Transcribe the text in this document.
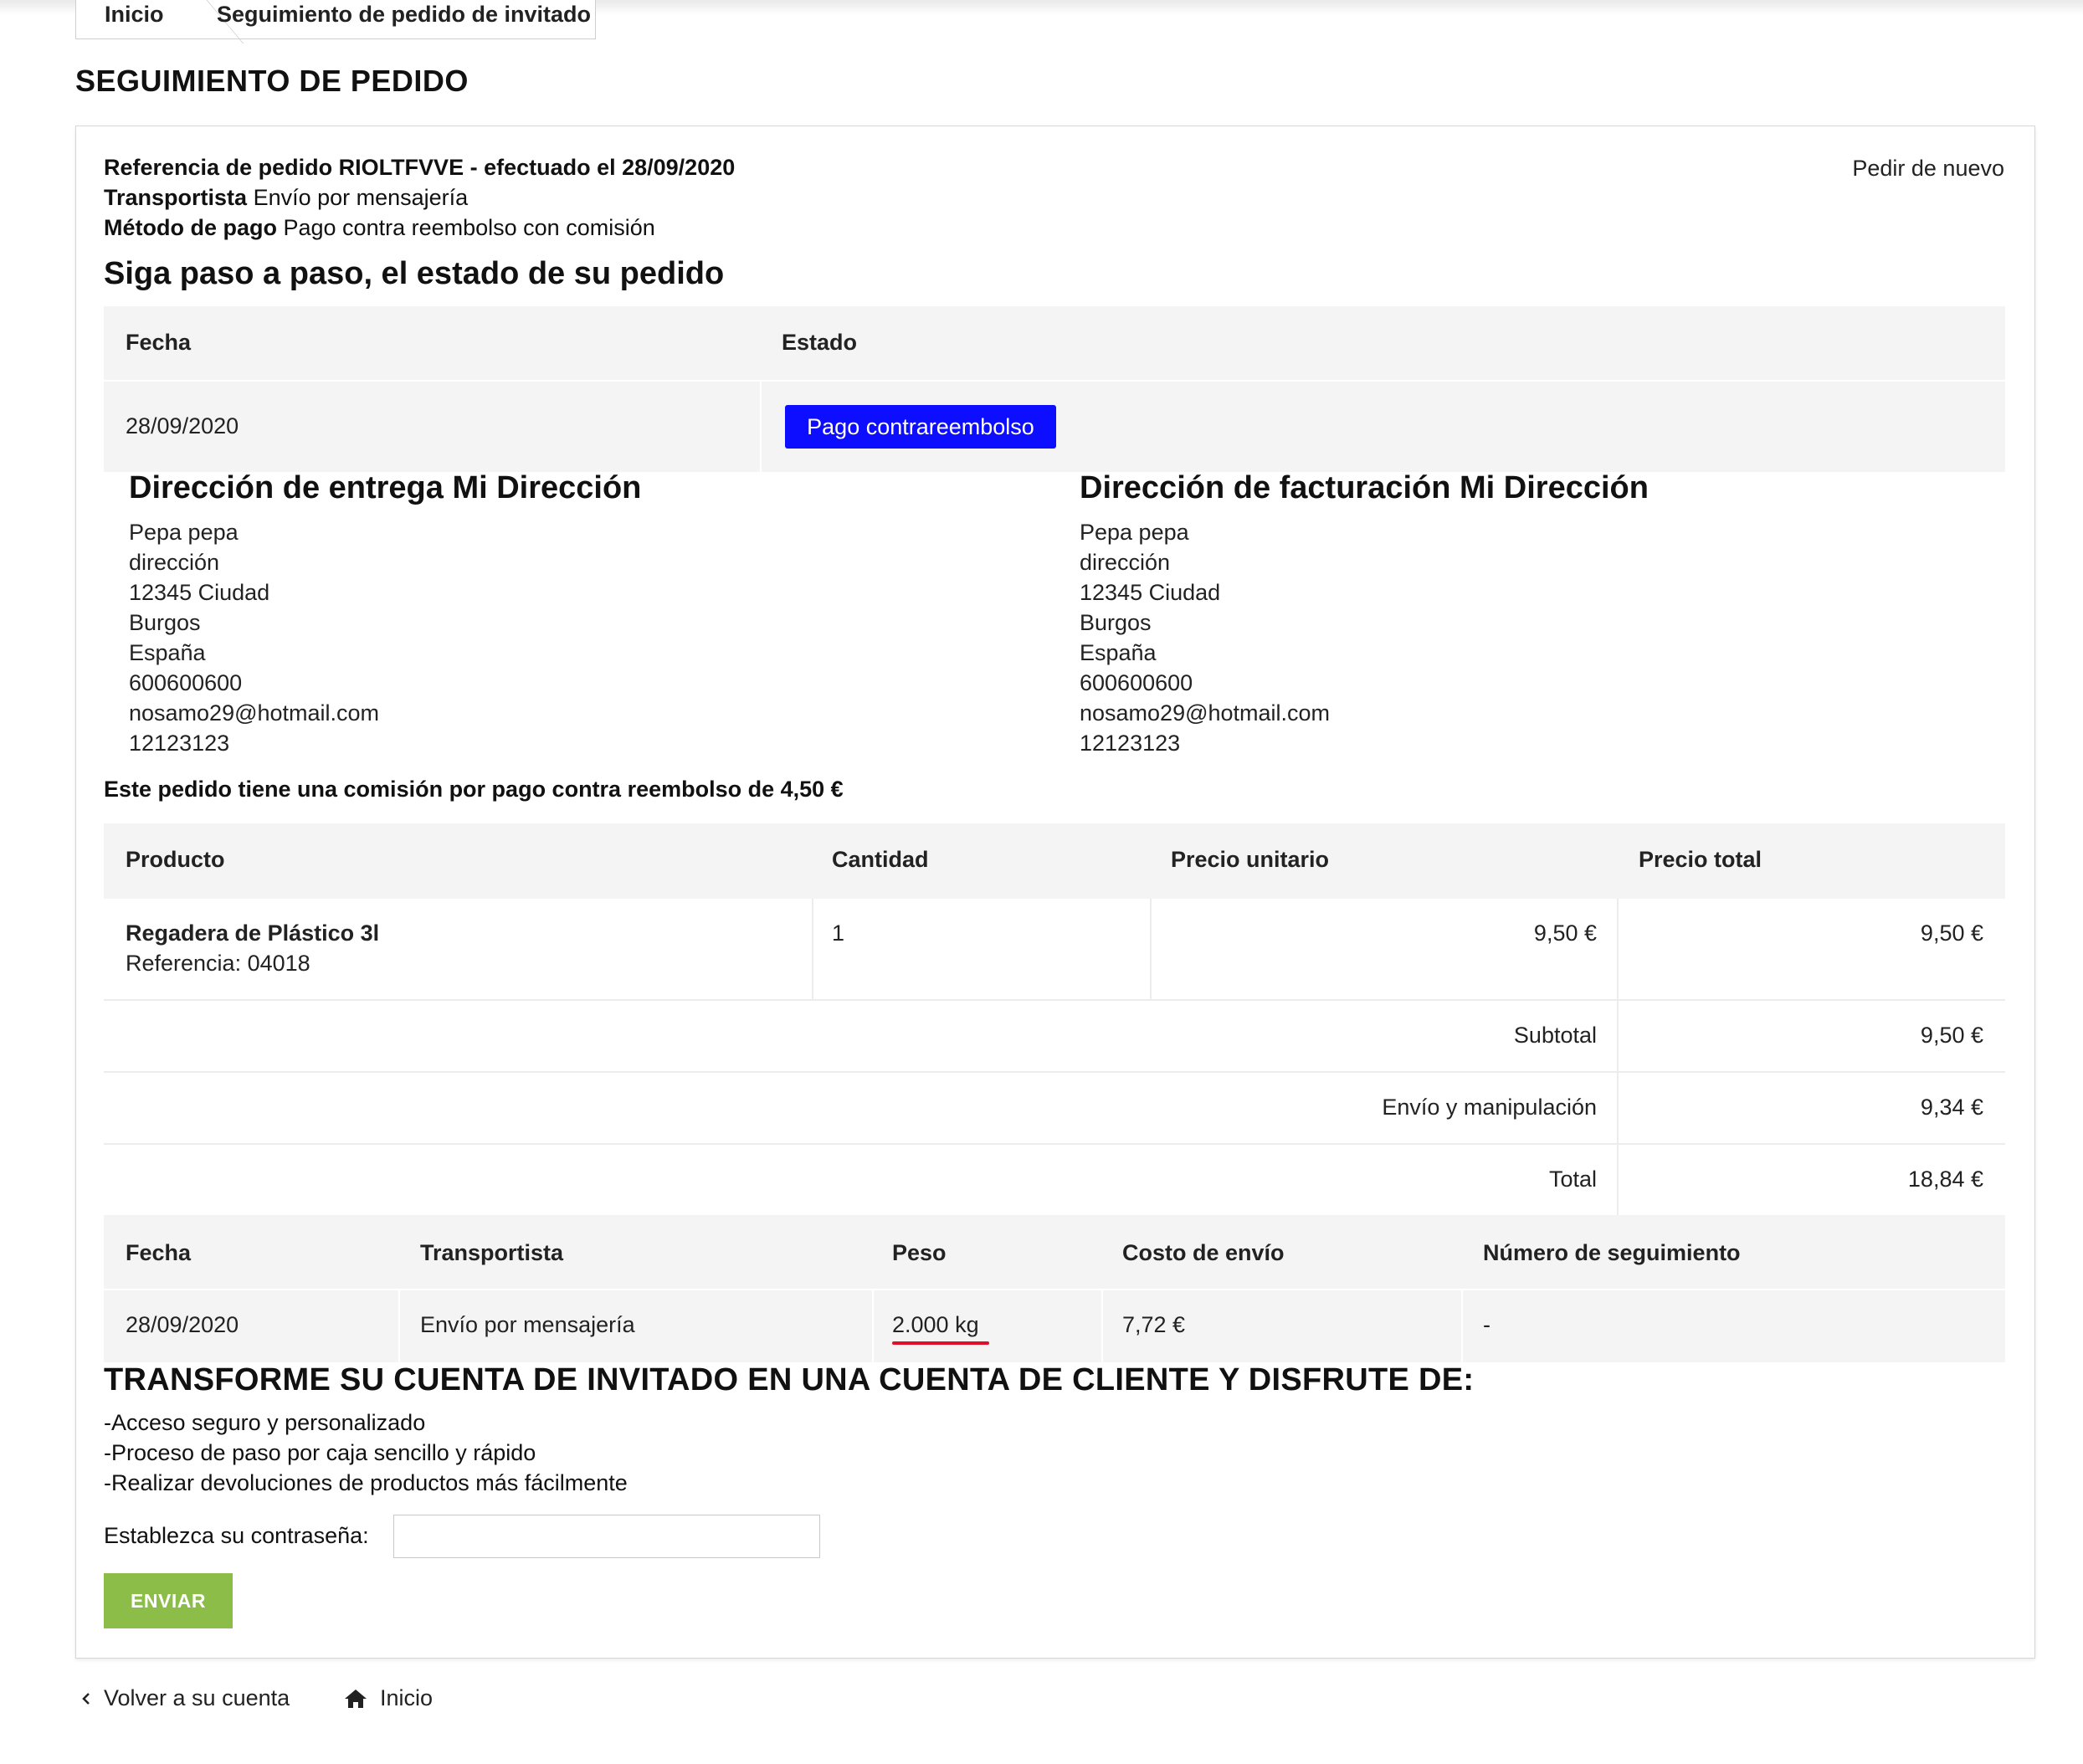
Inicio Seguimiento de pedido de invitado
SEGUIMIENTO DE PEDIDO
Referencia de pedido RIOLTFVVE - efectuado el 28/09/2020
Transportista Envío por mensajería
Método de pago Pago contra reembolso con comisión
Pedir de nuevo
Siga paso a paso, el estado de su pedido
Fecha	Estado
28/09/2020	Pago contrareembolso
Dirección de entrega Mi Dirección
Pepa pepa
dirección
12345 Ciudad
Burgos
España
600600600
nosamo29@hotmail.com
12123123
Dirección de facturación Mi Dirección
Pepa pepa
dirección
12345 Ciudad
Burgos
España
600600600
nosamo29@hotmail.com
12123123
Este pedido tiene una comisión por pago contra reembolso de 4,50 €
Producto	Cantidad	Precio unitario	Precio total
Regadera de Plástico 3l
Referencia: 04018
1	9,50 €	9,50 €
Subtotal	9,50 €
Envío y manipulación	9,34 €
Total	18,84 €
Fecha	Transportista	Peso	Costo de envío	Número de seguimiento
28/09/2020	Envío por mensajería	2.000 kg	7,72 €	-
TRANSFORME SU CUENTA DE INVITADO EN UNA CUENTA DE CLIENTE Y DISFRUTE DE:
-Acceso seguro y personalizado
-Proceso de paso por caja sencillo y rápido
-Realizar devoluciones de productos más fácilmente
Establezca su contraseña:
ENVIAR
Volver a su cuenta	Inicio
